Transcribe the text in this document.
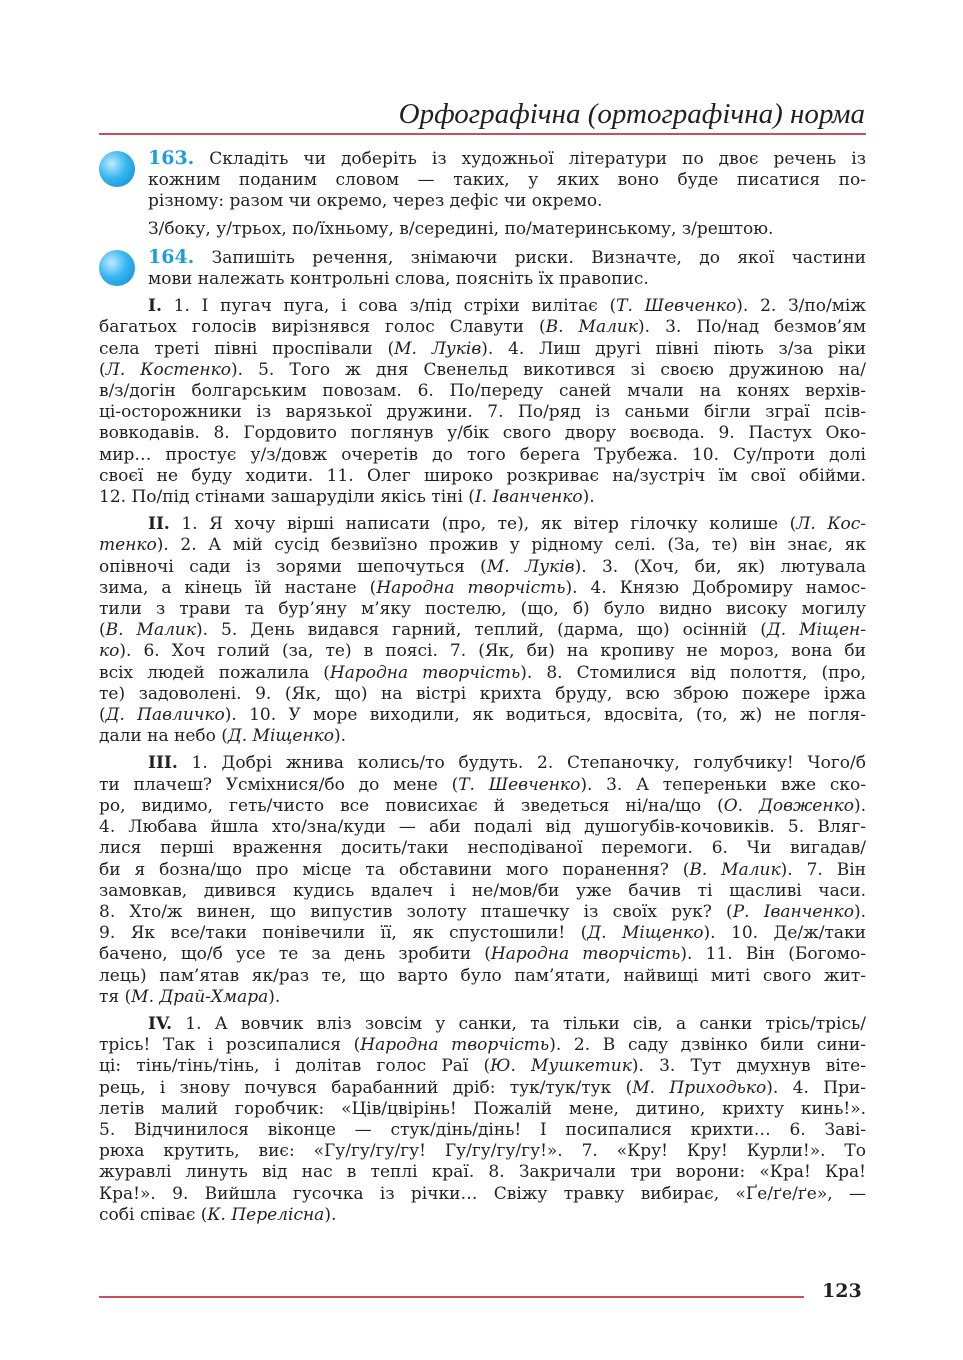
Орфографічна (ортографічна) норма
163. Складіть чи доберіть із художньої літератури по двоє речень із
кожним поданим словом — таких, у яких воно буде писатися по-
різному: разом чи окремо, через дефіс чи окремо.
З/боку, у/трьох, по/їхньому, в/середині, по/материнському, з/рештою.
164. Запишіть речення, знімаючи риски. Визначте, до якої частини
мови належать контрольні слова, поясніть їх правопис.
I. 1. І пугач пуга, і сова з/під стріхи вилітає (Т. Шевченко). 2. З/по/між
багатьох голосів вирізнявся голос Славути (В. Малик). 3. По/над безмов’ям
села треті півні проспівали (М. Луків). 4. Лиш другі півні піють з/за ріки
(Л. Костенко). 5. Того ж дня Свенельд викотився зі своєю дружиною на/
в/з/догін болгарським повозам. 6. По/переду саней мчали на конях верхів-
ці-осторожники із варязької дружини. 7. По/ряд із саньми бігли зграї псів-
вовкодавів. 8. Гордовито поглянув у/бік свого двору воєвода. 9. Пастух Око-
мир… простує у/з/довж очеретів до того берега Трубежа. 10. Су/проти долі
своєї не буду ходити. 11. Олег широко розкриває на/зустріч їм свої обійми.
12. По/під стінами зашаруділи якісь тіні (І. Іванченко).
II. 1. Я хочу вірші написати (про, те), як вітер гілочку колише (Л. Кос-
тенко). 2. А мій сусід безвиїзно прожив у рідному селі. (За, те) він знає, як
опівночі сади із зорями шепочуться (М. Луків). 3. (Хоч, би, як) лютувала
зима, а кінець їй настане (Народна творчість). 4. Князю Добромиру намос-
тили з трави та бур’яну м’яку постелю, (що, б) було видно високу могилу
(В. Малик). 5. День видався гарний, теплий, (дарма, що) осінній (Д. Міщен-
ко). 6. Хоч голий (за, те) в поясі. 7. (Як, би) на кропиву не мороз, вона би
всіх людей пожалила (Народна творчість). 8. Стомилися від полоття, (про,
те) задоволені. 9. (Як, що) на вістрі крихта бруду, всю зброю пожере іржа
(Д. Павличко). 10. У море виходили, як водиться, вдосвіта, (то, ж) не погля-
дали на небо (Д. Міщенко).
III. 1. Добрі жнива колись/то будуть. 2. Степаночку, голубчику! Чого/б
ти плачеш? Усміхнися/бо до мене (Т. Шевченко). 3. А тепереньки вже ско-
ро, видимо, геть/чисто все повисихає й зведеться ні/на/що (О. Довженко).
4. Любава йшла хто/зна/куди — аби подалі від душогубів-кочовиків. 5. Вляг-
лися перші враження досить/таки несподіваної перемоги. 6. Чи вигадав/
би я бозна/що про місце та обставини мого поранення? (В. Малик). 7. Він
замовкав, дивився кудись вдалеч і не/мов/би уже бачив ті щасливі часи.
8. Хто/ж винен, що випустив золоту пташечку із своїх рук? (Р. Іванченко).
9. Як все/таки понівечили її, як спустошили! (Д. Міщенко). 10. Де/ж/таки
бачено, що/б усе те за день зробити (Народна творчість). 11. Він (Богомо-
лець) пам’ятав як/раз те, що варто було пам’ятати, найвищі миті свого жит-
тя (М. Драй-Хмара).
IV. 1. А вовчик вліз зовсім у санки, та тільки сів, а санки трісь/трісь/
трісь! Так і розсипалися (Народна творчість). 2. В саду дзвінко били сини-
ці: тінь/тінь/тінь, і долітав голос Раї (Ю. Мушкетик). 3. Тут дмухнув віте-
рець, і знову почувся барабанний дріб: тук/тук/тук (М. Приходько). 4. При-
летів малий горобчик: «Ців/цвірінь! Пожалій мене, дитино, крихту кинь!».
5. Відчинилося віконце — стук/дінь/дінь! І посипалися крихти… 6. Заві-
рюха крутить, виє: «Гу/гу/гу/гу! Гу/гу/гу/гу!». 7. «Кру! Кру! Курли!». То
журавлі линуть від нас в теплі краї. 8. Закричали три ворони: «Кра! Кра!
Кра!». 9. Вийшла гусочка із річки… Свіжу травку вибирає, «Ґе/ґе/ґе», —
собі співає (К. Перелісна).
123
